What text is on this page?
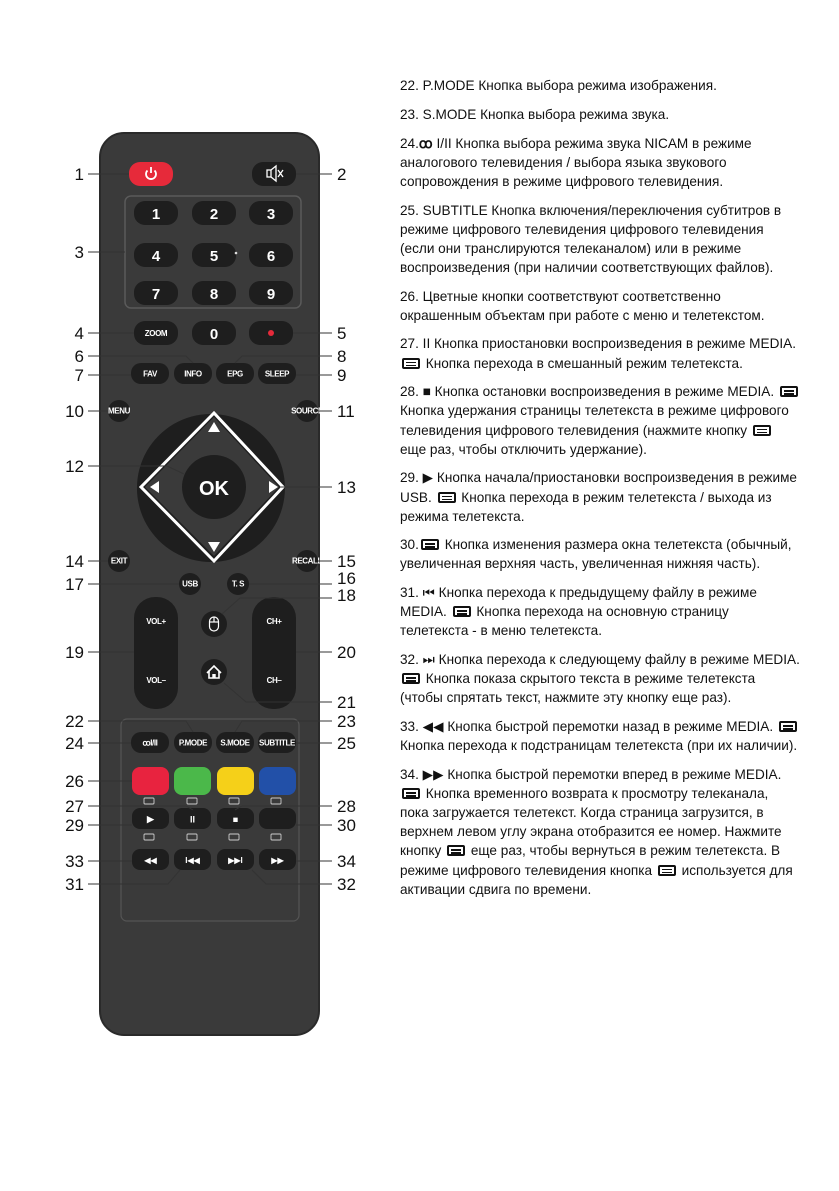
1	2	3
4	5	6
7	8	9
ZOOM	0
FAV	INFO	EPG	SLEEP
MENU	SOURCE
OK
EXIT	RECALL
USB	T. S
VOL+
VOL–
CH+
CH–
P.MODE S.MODE
ꝏI/II	SUBTITLE
▶	II	■
◀◀	I◀◀	▶▶I	▶▶
1	2
3
4	5
6	8
7	9
10	11
12
13
14	15
17	16
18
19	20
21
22	23
24	25
26
27	28
29	30
33	34
31	32

22. P.MODE Кнопка выбора режима изображения.

23. S.MODE Кнопка выбора режима звука.

24.ꝏ I/II Кнопка выбора режима звука NICAM в режиме аналогового телевидения / выбора языка звукового сопровождения в режиме цифрового телевидения.

25. SUBTITLE Кнопка включения/переключения субтитров в режиме цифрового телевидения цифрового телевидения (если они транслируются телеканалом) или в режиме воспроизведения (при наличии соответствующих файлов).

26. Цветные кнопки соответствуют соответственно окрашенным объектам при работе с меню и телетекстом.

27. II Кнопка приостановки воспроизведения в режиме MEDIA.  Кнопка перехода в смешанный режим телетекста.

28. ■ Кнопка остановки воспроизведения в режиме MEDIA.  Кнопка удержания страницы телетекста в режиме цифрового телевидения цифрового телевидения (нажмите кнопку  еще раз, чтобы отключить удержание).

29. ▶ Кнопка начала/приостановки воспроизведения в режиме USB. Кнопка перехода в режим телетекста / выхода из режима телетекста.

30. Кнопка изменения размера окна телетекста (обычный, увеличенная верхняя часть, увеличенная нижняя часть).

31. ⏮ Кнопка перехода к предыдущему файлу в режиме MEDIA. Кнопка перехода на основную страницу телетекста - в меню телетекста.

32. ⏭ Кнопка перехода к следующему файлу в режиме MEDIA.  Кнопка показа скрытого текста в режиме телетекста (чтобы спрятать текст, нажмите эту кнопку еще раз).

33. ◀◀ Кнопка быстрой перемотки назад в режиме MEDIA. Кнопка перехода к подстраницам телетекста (при их наличии).

34. ▶▶ Кнопка быстрой перемотки вперед в режиме MEDIA.  Кнопка временного возврата к просмотру телеканала, пока загружается телетекст. Когда страница загрузится, в верхнем левом углу экрана отобразится ее номер. Нажмите кнопку еще раз, чтобы вернуться в режим телетекста. В режиме цифрового телевидения кнопка используется для активации сдвига по времени.
